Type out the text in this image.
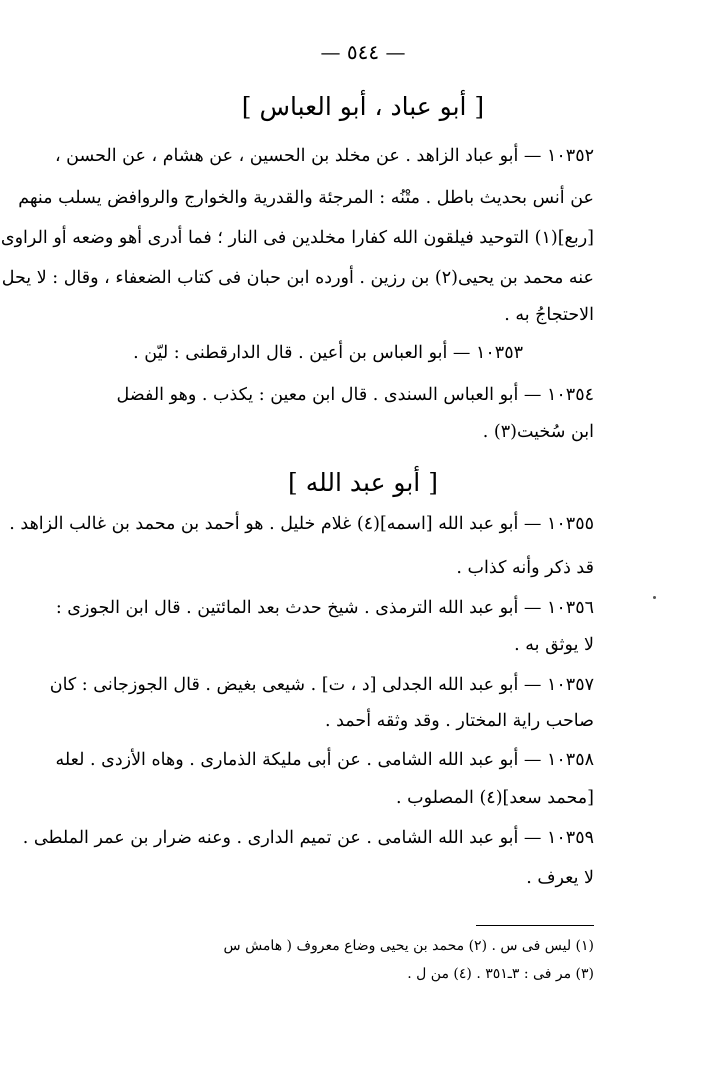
— ٥٤٤ —
[ أبو عباد ، أبو العباس ]
١٠٣٥٢ — أبو عباد الزاهد . عن مخلد بن الحسين ، عن هشام ، عن الحسن ،
عن أنس بحديث باطل . متْنُه : المرجئة والقدرية والخوارج والروافض يسلب منهم
[ربع](١) التوحيد فيلقون الله كفارا مخلدين فى النار ؛ فما أدرى أهو وضعه أو الراوى
عنه محمد بن يحيى(٢) بن رزين . أورده ابن حبان فى كتاب الضعفاء ، وقال : لا يحل
الاحتجاجُ به .
١٠٣٥٣ — أبو العباس بن أعين . قال الدارقطنى : ليّن .
١٠٣٥٤ — أبو العباس السندى . قال ابن معين : يكذب . وهو الفضل
ابن سُخيت(٣) .
[ أبو عبد الله ]
١٠٣٥٥ — أبو عبد الله [اسمه](٤) غلام خليل . هو أحمد بن محمد بن غالب الزاهد .
قد ذكر وأنه كذاب .
١٠٣٥٦ — أبو عبد الله الترمذى . شيخ حدث بعد المائتين . قال ابن الجوزى :
لا يوثق به .
١٠٣٥٧ — أبو عبد الله الجدلى [د ، ت] . شيعى بغيض . قال الجوزجانى : كان
صاحب راية المختار . وقد وثقه أحمد .
١٠٣٥٨ — أبو عبد الله الشامى . عن أبى مليكة الذمارى . وهاه الأزدى . لعله
[محمد سعد](٤) المصلوب .
١٠٣٥٩ — أبو عبد الله الشامى . عن تميم الدارى . وعنه ضرار بن عمر الملطى .
لا يعرف .
(١) ليس فى س . (٢) محمد بن يحيى وضاع معروف ( هامش س
(٣) مر فى : ٣ـ٣٥١ . (٤) من ل .
